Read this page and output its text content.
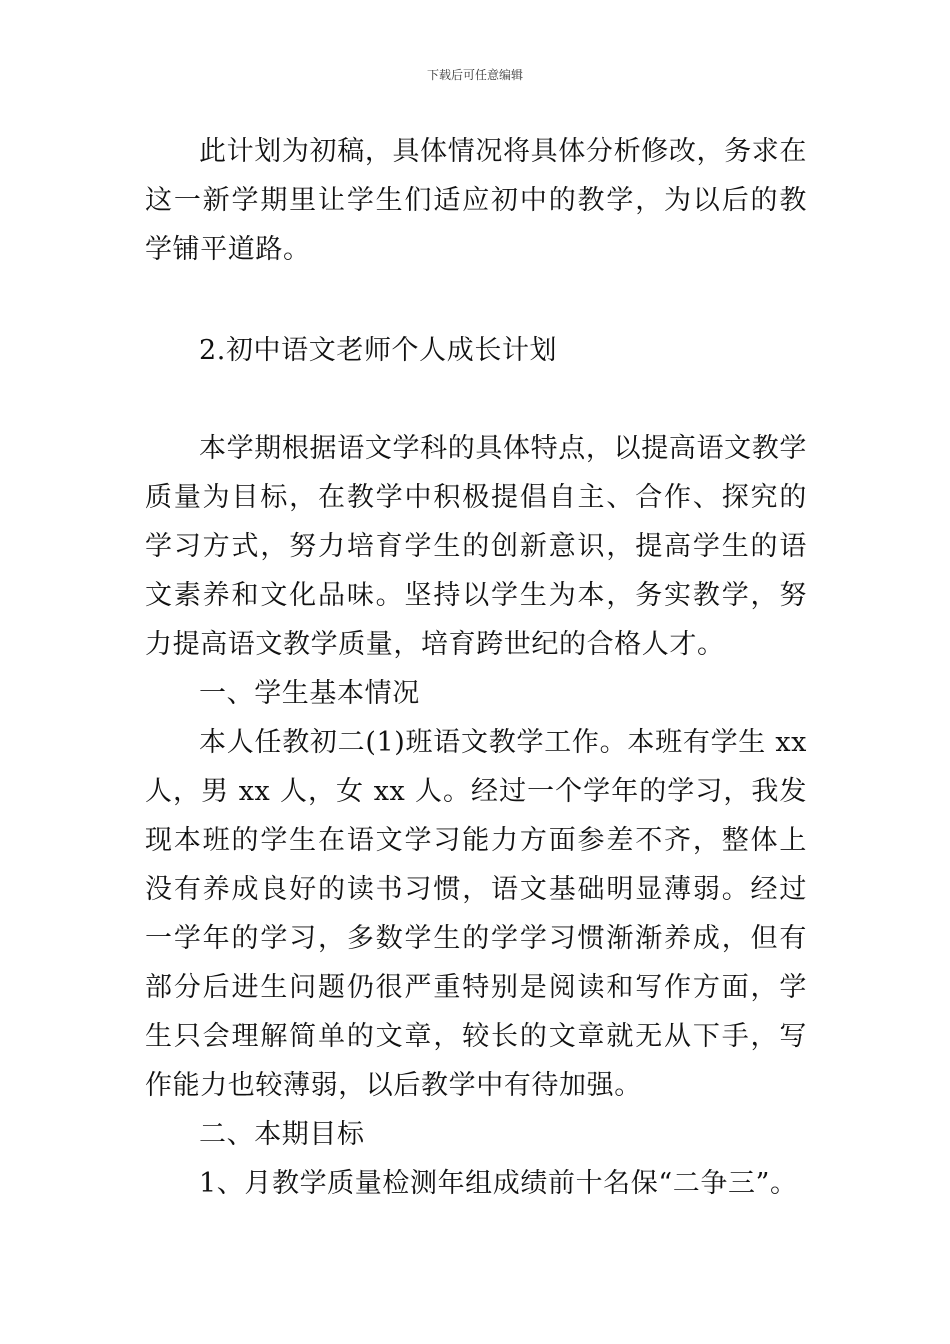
下载后可任意编辑

此计划为初稿，具体情况将具体分析修改，务求在这一新学期里让学生们适应初中的教学，为以后的教学铺平道路。

2.初中语文老师个人成长计划

本学期根据语文学科的具体特点，以提高语文教学质量为目标，在教学中积极提倡自主、合作、探究的学习方式，努力培育学生的创新意识，提高学生的语文素养和文化品味。坚持以学生为本，务实教学，努力提高语文教学质量，培育跨世纪的合格人才。

一、学生基本情况

本人任教初二(1)班语文教学工作。本班有学生 xx 人，男 xx 人，女 xx 人。经过一个学年的学习，我发现本班的学生在语文学习能力方面参差不齐，整体上没有养成良好的读书习惯，语文基础明显薄弱。经过一学年的学习，多数学生的学学习惯渐渐养成，但有部分后进生问题仍很严重特别是阅读和写作方面，学生只会理解简单的文章，较长的文章就无从下手，写作能力也较薄弱，以后教学中有待加强。

二、本期目标

1、月教学质量检测年组成绩前十名保“二争三”。
